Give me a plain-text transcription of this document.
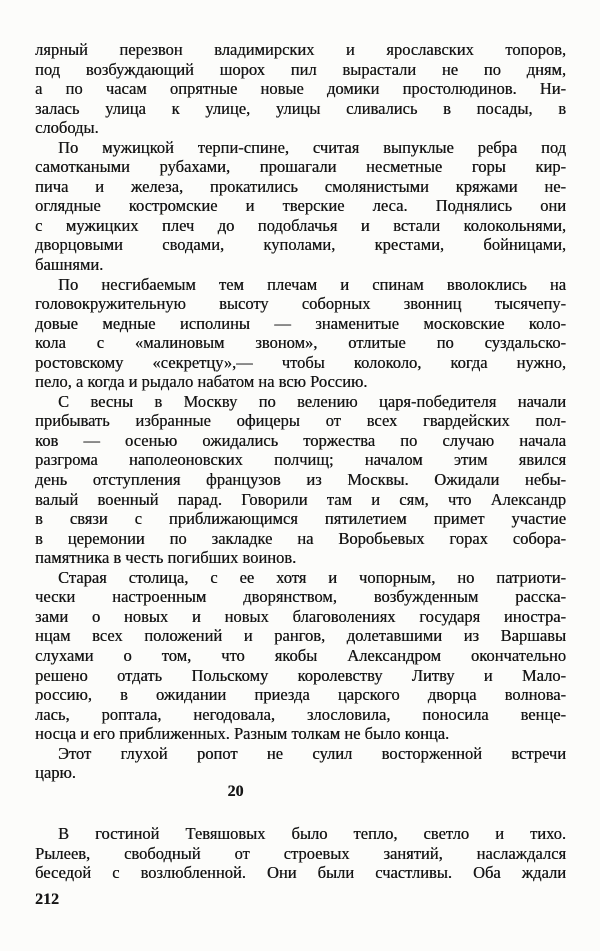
лярный перезвон владимирских и ярославских топоров,
под возбуждающий шорох пил вырастали не по дням,
а по часам опрятные новые домики простолюдинов. Ни-
залась улица к улице, улицы сливались в посады, в
слободы.
По мужицкой терпи-спине, считая выпуклые ребра под
самоткаными рубахами, прошагали несметные горы кир-
пича и железа, прокатились смолянистыми кряжами не-
оглядные костромские и тверские леса. Поднялись они
с мужицких плеч до подоблачья и встали колокольнями,
дворцовыми сводами, куполами, крестами, бойницами,
башнями.
По несгибаемым тем плечам и спинам вволоклись на
головокружительную высоту соборных звонниц тысячепу-
довые медные исполины — знаменитые московские коло-
кола с «малиновым звоном», отлитые по суздальско-
ростовскому «секретцу»,— чтобы колоколо, когда нужно,
пело, а когда и рыдало набатом на всю Россию.
С весны в Москву по велению царя-победителя начали
прибывать избранные офицеры от всех гвардейских пол-
ков — осенью ожидались торжества по случаю начала
разгрома наполеоновских полчищ; началом этим явился
день отступления французов из Москвы. Ожидали небы-
валый военный парад. Говорили там и сям, что Александр
в связи с приближающимся пятилетием примет участие
в церемонии по закладке на Воробьевых горах собора-
памятника в честь погибших воинов.
Старая столица, с ее хотя и чопорным, но патриоти-
чески настроенным дворянством, возбужденным расска-
зами о новых и новых благоволениях государя иностра-
нцам всех положений и рангов, долетавшими из Варшавы
слухами о том, что якобы Александром окончательно
решено отдать Польскому королевству Литву и Мало-
россию, в ожидании приезда царского дворца волнова-
лась, роптала, негодовала, злословила, поносила венце-
носца и его приближенных. Разным толкам не было конца.
Этот глухой ропот не сулил восторженной встречи
царю.
20
В гостиной Тевяшовых было тепло, светло и тихо.
Рылеев, свободный от строевых занятий, наслаждался
беседой с возлюбленной. Они были счастливы. Оба ждали
212
